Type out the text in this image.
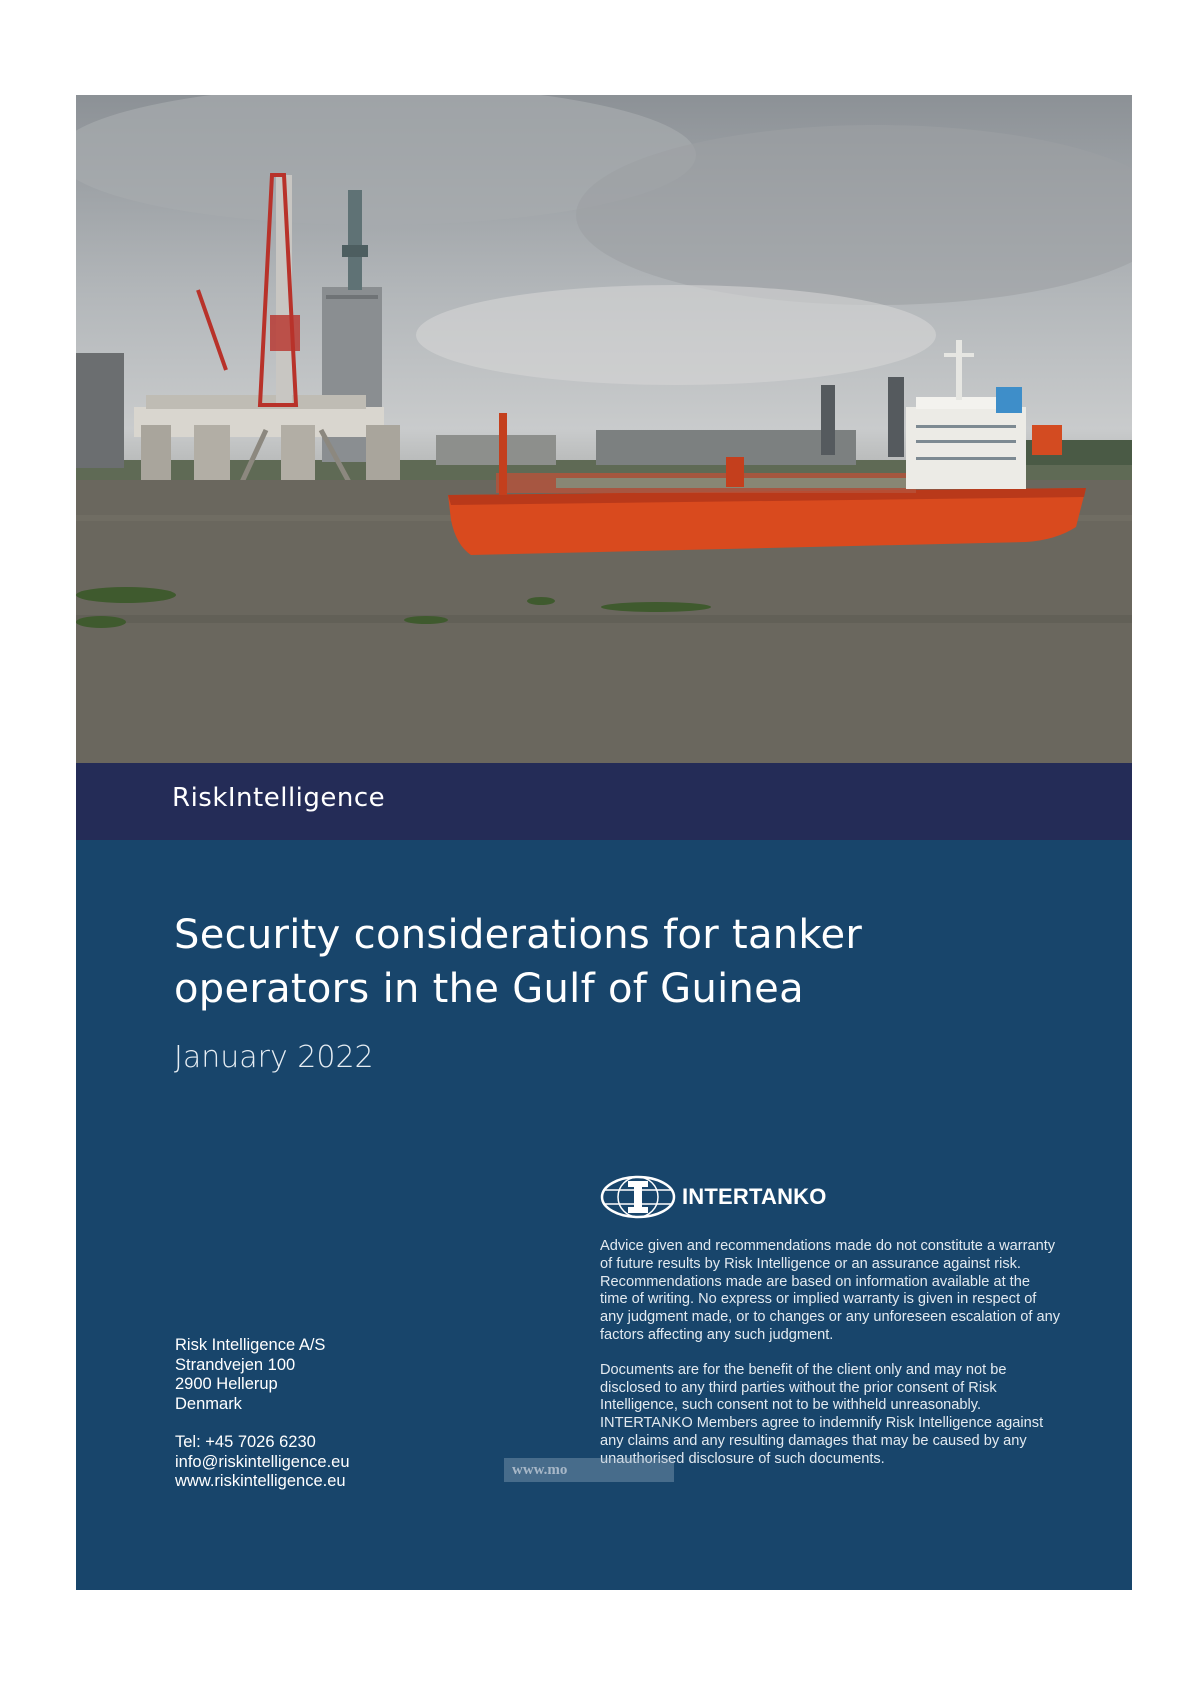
RiskIntelligence
Security considerations for tanker operators in the Gulf of Guinea
January 2022
INTERTANKO

Advice given and recommendations made do not constitute a warranty of future results by Risk Intelligence or an assurance against risk. Recommendations made are based on information available at the time of writing. No express or implied warranty is given in respect of any judgment made, or to changes or any unforeseen escalation of any factors affecting any such judgment.

Documents are for the benefit of the client only and may not be disclosed to any third parties without the prior consent of Risk Intelligence, such consent not to be withheld unreasonably. INTERTANKO Members agree to indemnify Risk Intelligence against any claims and any resulting damages that may be caused by any unauthorised disclosure of such documents.

Risk Intelligence A/S
Strandvejen 100
2900 Hellerup
Denmark
Tel: +45 7026 6230
info@riskintelligence.eu
www.riskintelligence.eu
www.mo
